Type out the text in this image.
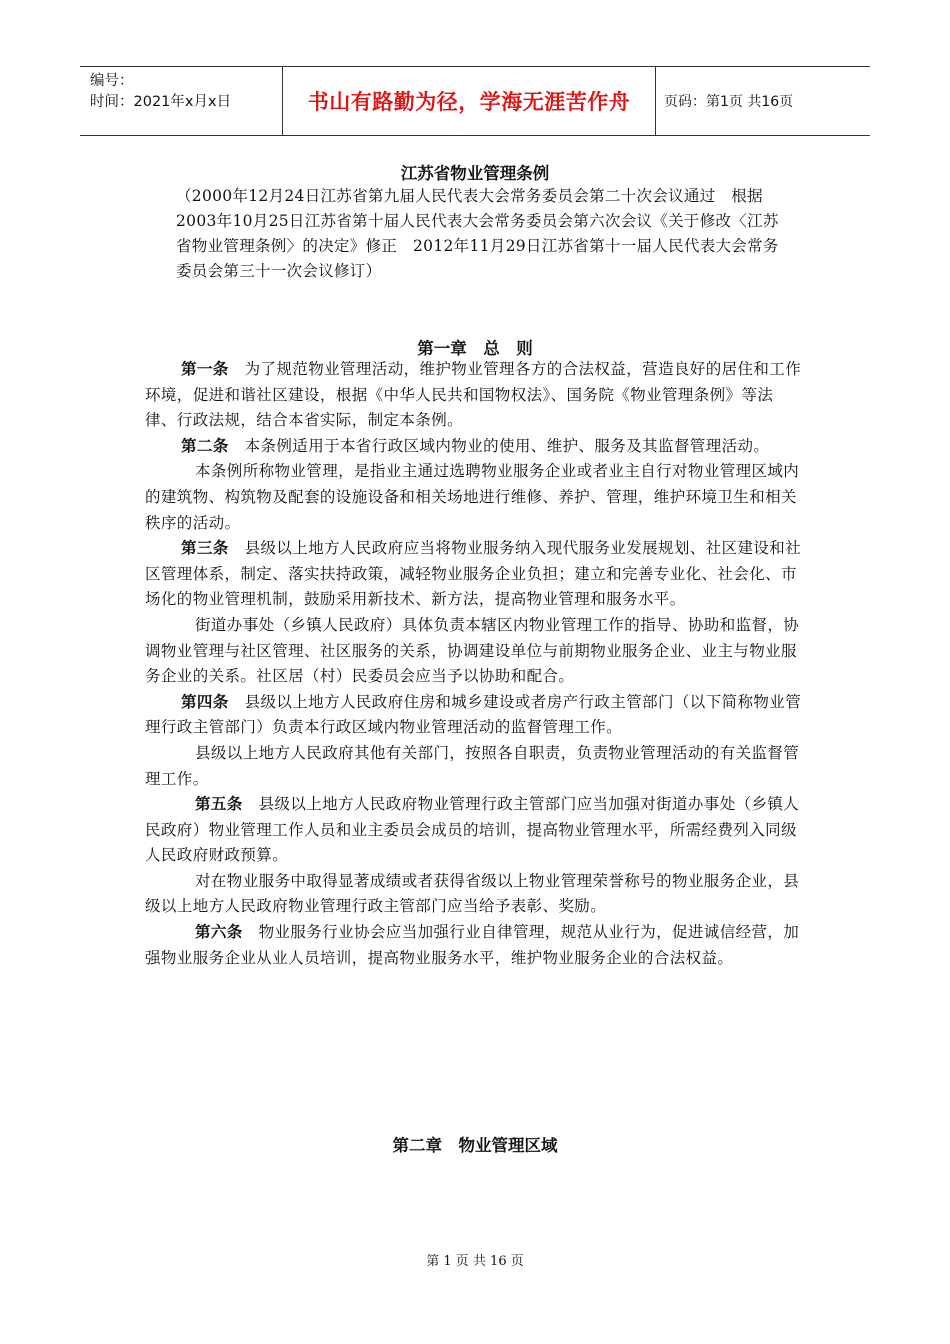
编号：
时间：2021年x月x日	书山有路勤为径，学海无涯苦作舟	页码：第1页 共16页
江苏省物业管理条例
（2000年12月24日江苏省第九届人民代表大会常务委员会第二十次会议通过　根据2003年10月25日江苏省第十届人民代表大会常务委员会第六次会议《关于修改〈江苏省物业管理条例〉的决定》修正　2012年11月29日江苏省第十一届人民代表大会常务委员会第三十一次会议修订）
第一章　总　则

第一条　为了规范物业管理活动，维护物业管理各方的合法权益，营造良好的居住和工作环境，促进和谐社区建设，根据《中华人民共和国物权法》、国务院《物业管理条例》等法律、行政法规，结合本省实际，制定本条例。

第二条　本条例适用于本省行政区域内物业的使用、维护、服务及其监督管理活动。

本条例所称物业管理，是指业主通过选聘物业服务企业或者业主自行对物业管理区域内的建筑物、构筑物及配套的设施设备和相关场地进行维修、养护、管理，维护环境卫生和相关秩序的活动。

第三条　县级以上地方人民政府应当将物业服务纳入现代服务业发展规划、社区建设和社区管理体系，制定、落实扶持政策，减轻物业服务企业负担；建立和完善专业化、社会化、市场化的物业管理机制，鼓励采用新技术、新方法，提高物业管理和服务水平。

街道办事处（乡镇人民政府）具体负责本辖区内物业管理工作的指导、协助和监督，协调物业管理与社区管理、社区服务的关系，协调建设单位与前期物业服务企业、业主与物业服务企业的关系。社区居（村）民委员会应当予以协助和配合。

第四条　县级以上地方人民政府住房和城乡建设或者房产行政主管部门（以下简称物业管理行政主管部门）负责本行政区域内物业管理活动的监督管理工作。

县级以上地方人民政府其他有关部门，按照各自职责，负责物业管理活动的有关监督管理工作。

第五条　县级以上地方人民政府物业管理行政主管部门应当加强对街道办事处（乡镇人民政府）物业管理工作人员和业主委员会成员的培训，提高物业管理水平，所需经费列入同级人民政府财政预算。

对在物业服务中取得显著成绩或者获得省级以上物业管理荣誉称号的物业服务企业，县级以上地方人民政府物业管理行政主管部门应当给予表彰、奖励。

第六条　物业服务行业协会应当加强行业自律管理，规范从业行为，促进诚信经营，加强物业服务企业从业人员培训，提高物业服务水平，维护物业服务企业的合法权益。

第二章　物业管理区域
第 1 页 共 16 页
